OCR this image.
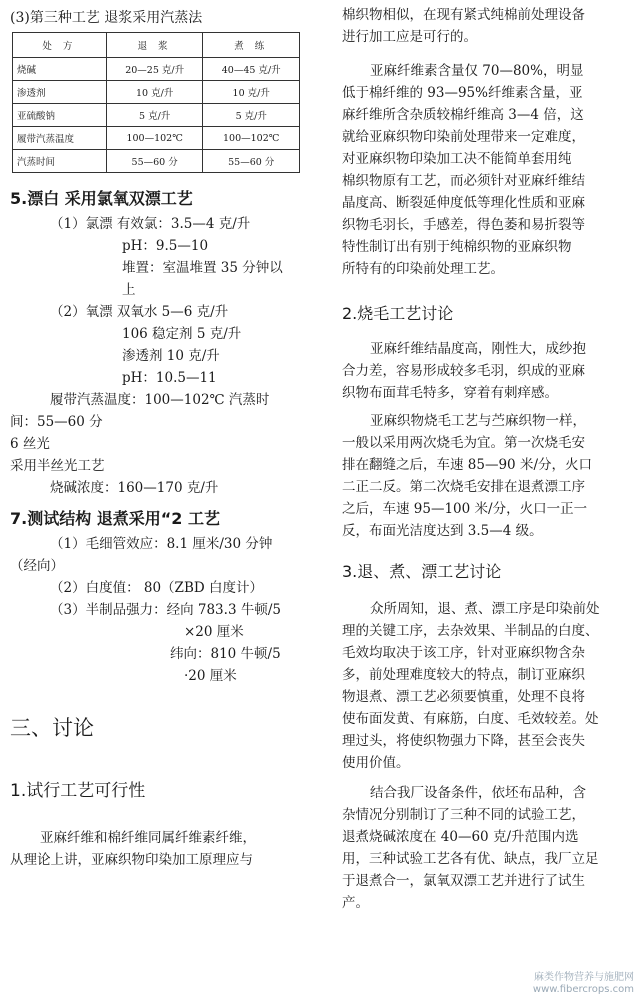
(3)第三种工艺 退浆采用汽蒸法
处 方	退 浆	煮 练
烧碱	20—25 克/升	40—45 克/升
渗透剂	10 克/升	10 克/升
亚硫酸钠	5 克/升	5 克/升
履带汽蒸温度	100—102℃	100—102℃
汽蒸时间	55—60 分	55—60 分
5.漂白 采用氯氧双漂工艺
（1）氯漂 有效氯：3.5—4 克/升
pH：9.5—10
堆置：室温堆置 35 分钟以
上
（2）氧漂 双氧水 5—6 克/升
106 稳定剂 5 克/升
渗透剂 10 克/升
pH：10.5—11
履带汽蒸温度：100—102℃ 汽蒸时
间：55—60 分
6 丝光
采用半丝光工艺
烧碱浓度：160—170 克/升
7.测试结构 退煮采用“2 工艺
（1）毛细管效应：8.1 厘米/30 分钟
（经向）
（2）白度值： 80（ZBD 白度计）
（3）半制品强力：经向 783.3 牛顿/5
×20 厘米
纬向：810 牛顿/5
·20 厘米
三、讨论
1.试行工艺可行性
亚麻纤维和棉纤维同属纤维素纤维，
从理论上讲，亚麻织物印染加工原理应与
棉织物相似，在现有紧式纯棉前处理设备
进行加工应是可行的。
亚麻纤维素含量仅 70—80%，明显
低于棉纤维的 93—95%纤维素含量，亚
麻纤维所含杂质较棉纤维高 3—4 倍，这
就给亚麻织物印染前处理带来一定难度，
对亚麻织物印染加工决不能简单套用纯
棉织物原有工艺，而必须针对亚麻纤维结
晶度高、断裂延伸度低等理化性质和亚麻
织物毛羽长，手感差，得色萎和易折裂等
特性制订出有别于纯棉织物的亚麻织物
所特有的印染前处理工艺。
2.烧毛工艺讨论
亚麻纤维结晶度高，刚性大，成纱抱
合力差，容易形成较多毛羽，织成的亚麻
织物布面茸毛特多，穿着有刺痒感。
亚麻织物烧毛工艺与苎麻织物一样，
一般以采用两次烧毛为宜。第一次烧毛安
排在翻缝之后，车速 85—90 米/分，火口
二正二反。第二次烧毛安排在退煮漂工序
之后，车速 95—100 米/分，火口一正一
反，布面光洁度达到 3.5—4 级。
3.退、煮、漂工艺讨论
众所周知，退、煮、漂工序是印染前处
理的关键工序，去杂效果、半制品的白度、
毛效均取决于该工序，针对亚麻织物含杂
多，前处理难度较大的特点，制订亚麻织
物退煮、漂工艺必须要慎重，处理不良将
使布面发黄、有麻筋，白度、毛效较差。处
理过头，将使织物强力下降，甚至会丧失
使用价值。
结合我厂设备条件，依坯布品种，含
杂情况分别制订了三种不同的试验工艺，
退煮烧碱浓度在 40—60 克/升范围内选
用，三种试验工艺各有优、缺点，我厂立足
于退煮合一，氯氧双漂工艺并进行了试生
产。
麻类作物营养与施肥网
www.fibercrops.com
